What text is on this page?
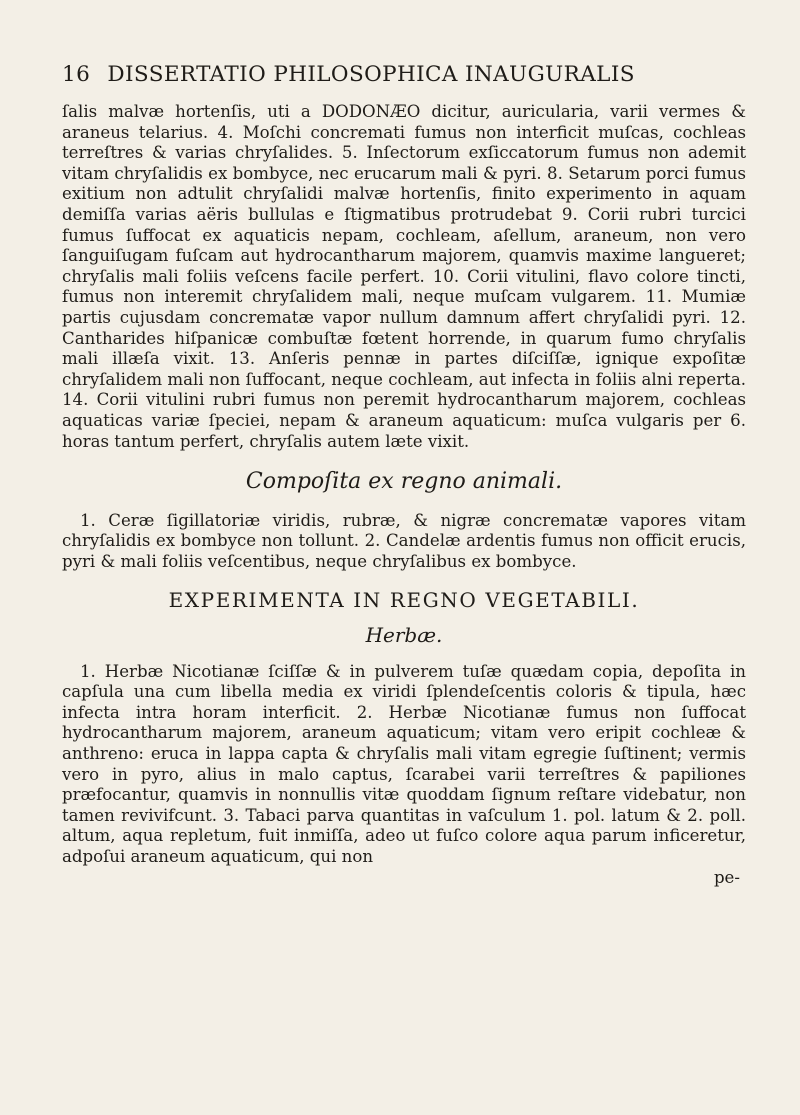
16 DISSERTATIO PHILOSOPHICA INAUGURALIS

ſalis malvæ hortenſis, uti a DODONÆO dicitur, auricularia, varii vermes & araneus telarius. 4. Moſchi concremati fumus non interficit muſcas, cochleas terreſtres & varias chryſalides. 5. Inſectorum exſiccatorum fumus non ademit vitam chryſalidis ex bombyce, nec erucarum mali & pyri. 8. Setarum porci fumus exitium non adtulit chryſalidi malvæ hortenſis, finito experimento in aquam demiſſa varias aëris bullulas e ſtigmatibus protrudebat 9. Corii rubri turcici fumus ſuffocat ex aquaticis nepam, cochleam, aſellum, araneum, non vero ſanguiſugam fuſcam aut hydrocantharum majorem, quamvis maxime langueret; chryſalis mali foliis veſcens facile perfert. 10. Corii vitulini, flavo colore tincti, fumus non interemit chryſalidem mali, neque muſcam vulgarem. 11. Mumiæ partis cujusdam concrematæ vapor nullum damnum affert chryſalidi pyri. 12. Cantharides hiſpanicæ combuſtæ fœtent horrende, in quarum fumo chryſalis mali illæſa vixit. 13. Anſeris pennæ in partes diſciſſæ, ignique expoſitæ chryſalidem mali non ſuffocant, neque cochleam, aut infecta in foliis alni reperta. 14. Corii vitulini rubri fumus non peremit hydrocantharum majorem, cochleas aquaticas variæ ſpeciei, nepam & araneum aquaticum: muſca vulgaris per 6. horas tantum perfert, chryſalis autem læte vixit.

Compoſita ex regno animali.

1. Ceræ ſigillatoriæ viridis, rubræ, & nigræ concrematæ vapores vitam chryſalidis ex bombyce non tollunt. 2. Candelæ ardentis fumus non officit erucis, pyri & mali foliis veſcentibus, neque chryſalibus ex bombyce.

EXPERIMENTA IN REGNO VEGETABILI.

Herbæ.

1. Herbæ Nicotianæ ſciſſæ & in pulverem tuſæ quædam copia, depoſita in capſula una cum libella media ex viridi ſplendeſcentis coloris & tipula, hæc infecta intra horam interficit. 2. Herbæ Nicotianæ fumus non ſuffocat hydrocantharum majorem, araneum aquaticum; vitam vero eripit cochleæ & anthreno: eruca in lappa capta & chryſalis mali vitam egregie ſuſtinent; vermis vero in pyro, alius in malo captus, ſcarabei varii terreſtres & papiliones præfocantur, quamvis in nonnullis vitæ quoddam ſignum reſtare videbatur, non tamen revivifcunt. 3. Tabaci parva quantitas in vaſculum 1. pol. latum & 2. poll. altum, aqua repletum, fuit inmiſſa, adeo ut fuſco colore aqua parum inficeretur, adpoſui araneum aquaticum, qui non

pe-
